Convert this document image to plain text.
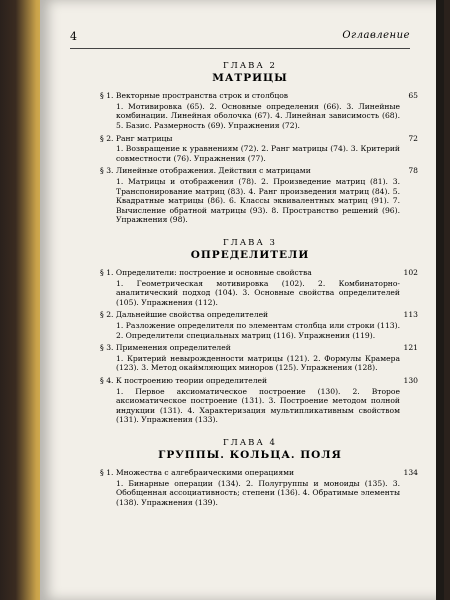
4	Оглавление
ГЛАВА 2
МАТРИЦЫ
§ 1. Векторные пространства строк и столбцов	65
1. Мотивировка (65). 2. Основные определения (66). 3. Линейные комбинации. Линейная оболочка (67). 4. Линейная зависимость (68). 5. Базис. Размерность (69). Упражнения (72).
§ 2. Ранг матрицы	72
1. Возвращение к уравнениям (72). 2. Ранг матрицы (74). 3. Критерий совместности (76). Упражнения (77).
§ 3. Линейные отображения. Действия с матрицами	78
1. Матрицы и отображения (78). 2. Произведение матриц (81). 3. Транспонирование матриц (83). 4. Ранг произведения матриц (84). 5. Квадратные матрицы (86). 6. Классы эквивалентных матриц (91). 7. Вычисление обратной матрицы (93). 8. Пространство решений (96). Упражнения (98).
ГЛАВА 3
ОПРЕДЕЛИТЕЛИ
§ 1. Определители: построение и основные свойства	102
1. Геометрическая мотивировка (102). 2. Комбинаторно-аналитический подход (104). 3. Основные свойства определителей (105). Упражнения (112).
§ 2. Дальнейшие свойства определителей	113
1. Разложение определителя по элементам столбца или строки (113). 2. Определители специальных матриц (116). Упражнения (119).
§ 3. Применения определителей	121
1. Критерий невырожденности матрицы (121). 2. Формулы Крамера (123). 3. Метод окаймляющих миноров (125). Упражнения (128).
§ 4. К построению теории определителей	130
1. Первое аксиоматическое построение (130). 2. Второе аксиоматическое построение (131). 3. Построение методом полной индукции (131). 4. Характеризация мультипликативным свойством (131). Упражнения (133).
ГЛАВА 4
ГРУППЫ. КОЛЬЦА. ПОЛЯ
§ 1. Множества с алгебраическими операциями	134
1. Бинарные операции (134). 2. Полугруппы и моноиды (135). 3. Обобщенная ассоциативность; степени (136). 4. Обратимые элементы (138). Упражнения (139).
